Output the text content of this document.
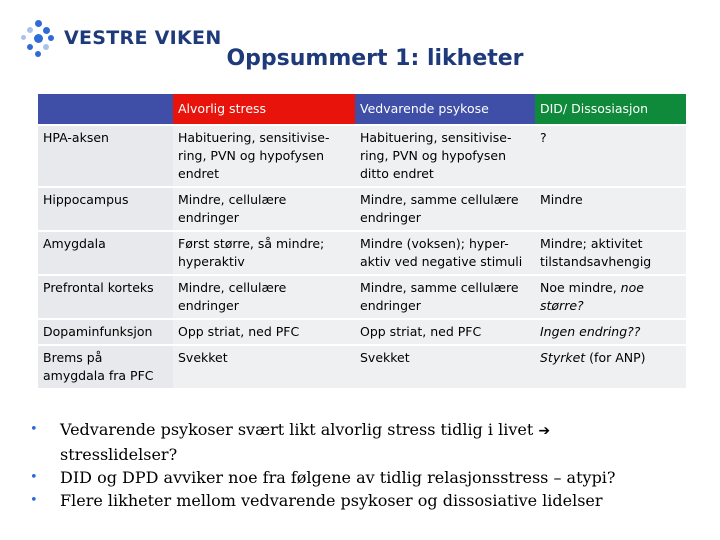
VESTRE VIKEN
Oppsummert 1: likheter
	Alvorlig stress	Vedvarende psykose	DID/ Dissosiasjon
HPA-aksen	Habituering, sensitivise-ring, PVN og hypofysen endret	Habituering, sensitivise-ring, PVN og hypofysen ditto endret	?
Hippocampus	Mindre, cellulære endringer	Mindre, samme cellulære endringer	Mindre
Amygdala	Først større, så mindre; hyperaktiv	Mindre (voksen); hyper-aktiv ved negative stimuli	Mindre; aktivitet tilstandsavhengig
Prefrontal korteks	Mindre, cellulære endringer	Mindre, samme cellulære endringer	Noe mindre, noe større?
Dopaminfunksjon	Opp striat, ned PFC	Opp striat, ned PFC	Ingen endring??
Brems på amygdala fra PFC	Svekket	Svekket	Styrket (for ANP)
• Vedvarende psykoser svært likt alvorlig stress tidlig i livet ➔
stresslidelser?
• DID og DPD avviker noe fra følgene av tidlig relasjonsstress – atypi?
• Flere likheter mellom vedvarende psykoser og dissosiative lidelser
